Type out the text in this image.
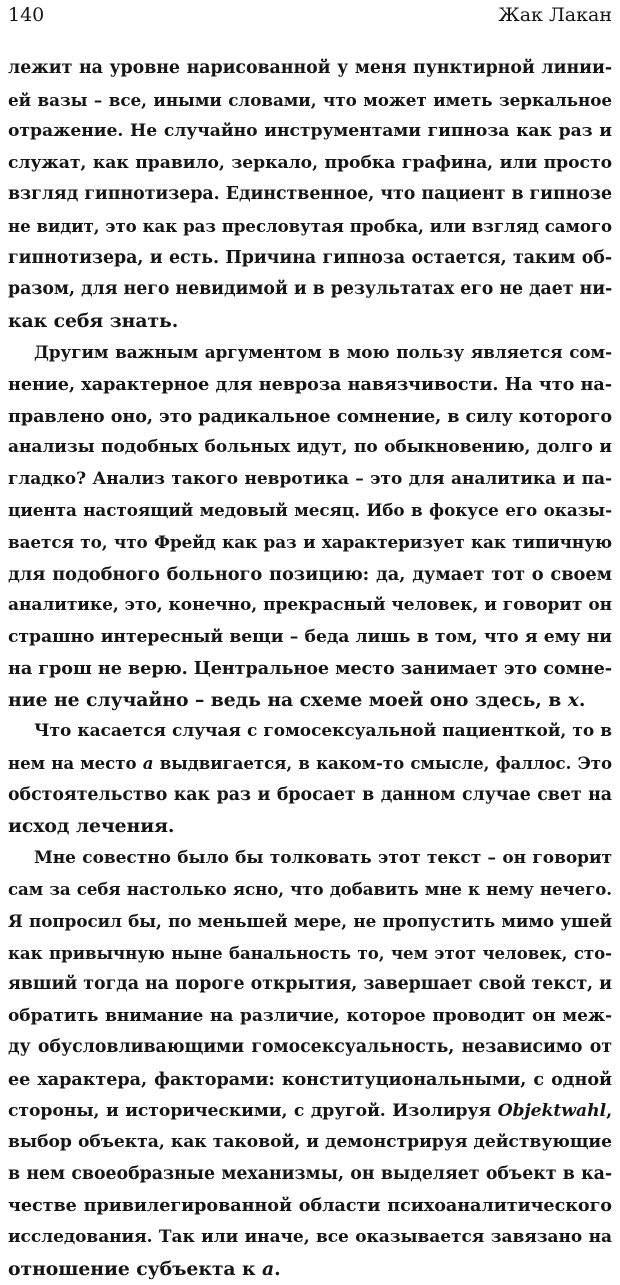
140	Жак Лакан
лежит на уровне нарисованной у меня пунктирной линии-
ей вазы – все, иными словами, что может иметь зеркальное
отражение. Не случайно инструментами гипноза как раз и
служат, как правило, зеркало, пробка графина, или просто
взгляд гипнотизера. Единственное, что пациент в гипнозе
не видит, это как раз пресловутая пробка, или взгляд самого
гипнотизера, и есть. Причина гипноза остается, таким об-
разом, для него невидимой и в результатах его не дает ни-
как себя знать.
Другим важным аргументом в мою пользу является сом-
нение, характерное для невроза навязчивости. На что на-
правлено оно, это радикальное сомнение, в силу которого
анализы подобных больных идут, по обыкновению, долго и
гладко? Анализ такого невротика – это для аналитика и па-
циента настоящий медовый месяц. Ибо в фокусе его оказы-
вается то, что Фрейд как раз и характеризует как типичную
для подобного больного позицию: да, думает тот о своем
аналитике, это, конечно, прекрасный человек, и говорит он
страшно интересный вещи – беда лишь в том, что я ему ни
на грош не верю. Центральное место занимает это сомне-
ние не случайно – ведь на схеме моей оно здесь, в x.
Что касается случая с гомосексуальной пациенткой, то в
нем на место a выдвигается, в каком-то смысле, фаллос. Это
обстоятельство как раз и бросает в данном случае свет на
исход лечения.
Мне совестно было бы толковать этот текст – он говорит
сам за себя настолько ясно, что добавить мне к нему нечего.
Я попросил бы, по меньшей мере, не пропустить мимо ушей
как привычную ныне банальность то, чем этот человек, сто-
явший тогда на пороге открытия, завершает свой текст, и
обратить внимание на различие, которое проводит он меж-
ду обусловливающими гомосексуальность, независимо от
ее характера, факторами: конституциональными, с одной
стороны, и историческими, с другой. Изолируя Objektwahl,
выбор объекта, как таковой, и демонстрируя действующие
в нем своеобразные механизмы, он выделяет объект в ка-
честве привилегированной области психоаналитического
исследования. Так или иначе, все оказывается завязано на
отношение субъекта к a.
